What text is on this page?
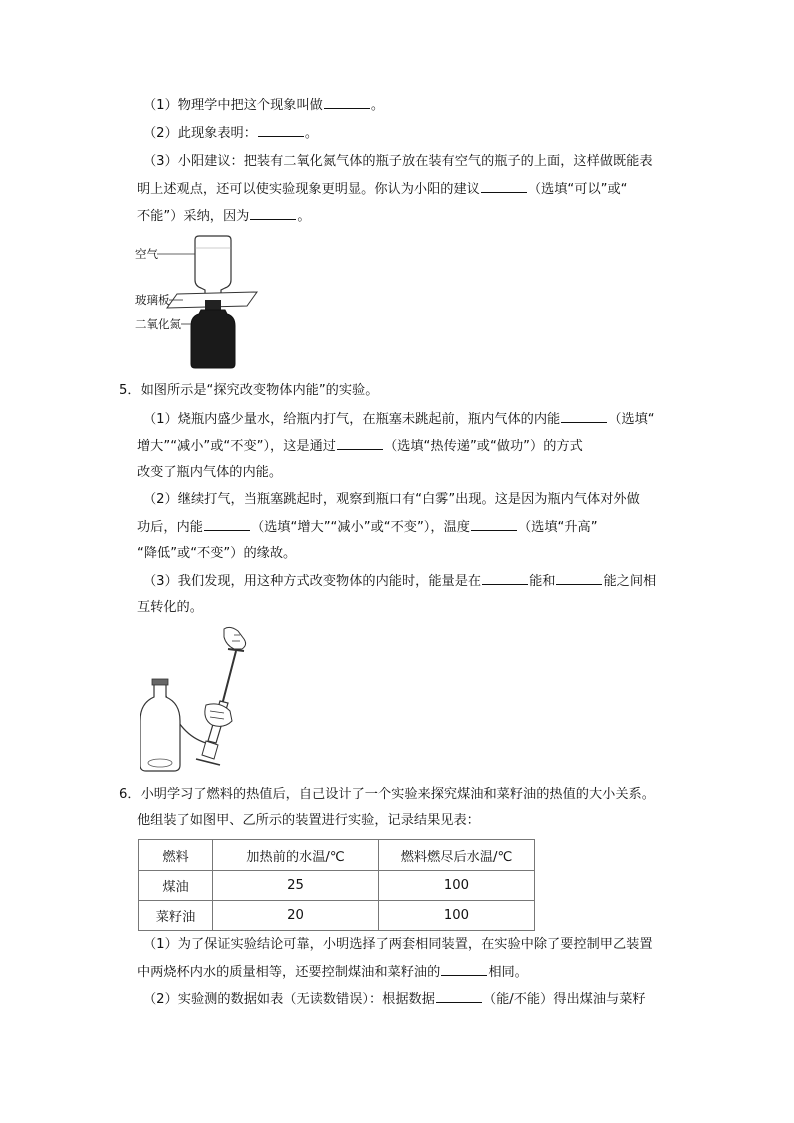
（1）物理学中把这个现象叫做	。
（2）此现象表明：	。
（3）小阳建议：把装有二氧化氮气体的瓶子放在装有空气的瓶子的上面，这样做既能表
明上述观点，还可以使实验现象更明显。你认为小阳的建议	（选填“可以”或“
不能”）采纳，因为	。
空气
玻璃板
二氧化氮
5．如图所示是“探究改变物体内能”的实验。
（1）烧瓶内盛少量水，给瓶内打气，在瓶塞未跳起前，瓶内气体的内能	（选填“
增大”“减小”或“不变”），这是通过	（选填“热传递”或“做功”）的方式
改变了瓶内气体的内能。
（2）继续打气，当瓶塞跳起时，观察到瓶口有“白雾”出现。这是因为瓶内气体对外做
功后，内能	（选填“增大”“减小”或“不变”），温度	（选填“升高”
“降低”或“不变”）的缘故。
（3）我们发现，用这种方式改变物体的内能时，能量是在	能和	能之间相
互转化的。
6．小明学习了燃料的热值后，自己设计了一个实验来探究煤油和菜籽油的热值的大小关系。
他组装了如图甲、乙所示的装置进行实验，记录结果见表：
燃料	加热前的水温/℃	燃料燃尽后水温/℃
煤油	25	100
菜籽油	20	100
（1）为了保证实验结论可靠，小明选择了两套相同装置，在实验中除了要控制甲乙装置
中两烧杯内水的质量相等，还要控制煤油和菜籽油的	相同。
（2）实验测的数据如表（无读数错误）：根据数据	（能/不能）得出煤油与菜籽
